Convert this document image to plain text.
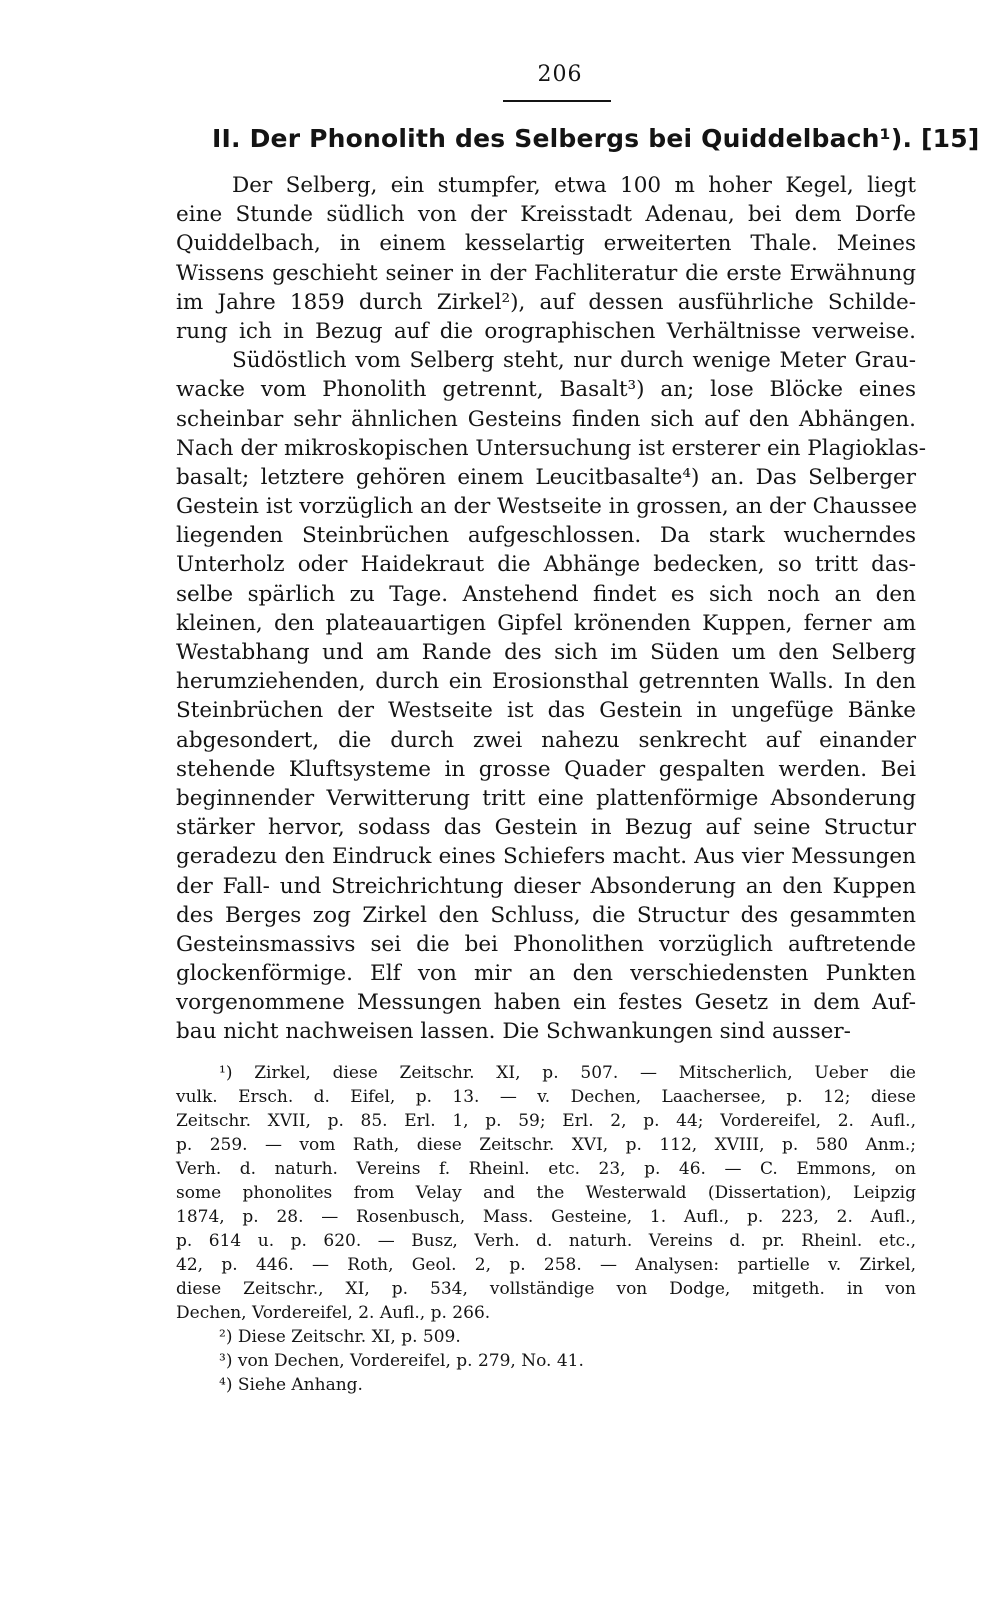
206
II. Der Phonolith des Selbergs bei Quiddelbach¹). [15]
Der Selberg, ein stumpfer, etwa 100 m hoher Kegel, liegt
eine Stunde südlich von der Kreisstadt Adenau, bei dem Dorfe
Quiddelbach, in einem kesselartig erweiterten Thale. Meines
Wissens geschieht seiner in der Fachliteratur die erste Erwähnung
im Jahre 1859 durch Zirkel²), auf dessen ausführliche Schilde-
rung ich in Bezug auf die orographischen Verhältnisse verweise.
Südöstlich vom Selberg steht, nur durch wenige Meter Grau-
wacke vom Phonolith getrennt, Basalt³) an; lose Blöcke eines
scheinbar sehr ähnlichen Gesteins finden sich auf den Abhängen.
Nach der mikroskopischen Untersuchung ist ersterer ein Plagioklas-
basalt; letztere gehören einem Leucitbasalte⁴) an. Das Selberger
Gestein ist vorzüglich an der Westseite in grossen, an der Chaussee
liegenden Steinbrüchen aufgeschlossen. Da stark wucherndes
Unterholz oder Haidekraut die Abhänge bedecken, so tritt das-
selbe spärlich zu Tage. Anstehend findet es sich noch an den
kleinen, den plateauartigen Gipfel krönenden Kuppen, ferner am
Westabhang und am Rande des sich im Süden um den Selberg
herumziehenden, durch ein Erosionsthal getrennten Walls. In den
Steinbrüchen der Westseite ist das Gestein in ungefüge Bänke
abgesondert, die durch zwei nahezu senkrecht auf einander
stehende Kluftsysteme in grosse Quader gespalten werden. Bei
beginnender Verwitterung tritt eine plattenförmige Absonderung
stärker hervor, sodass das Gestein in Bezug auf seine Structur
geradezu den Eindruck eines Schiefers macht. Aus vier Messungen
der Fall- und Streichrichtung dieser Absonderung an den Kuppen
des Berges zog Zirkel den Schluss, die Structur des gesammten
Gesteinsmassivs sei die bei Phonolithen vorzüglich auftretende
glockenförmige. Elf von mir an den verschiedensten Punkten
vorgenommene Messungen haben ein festes Gesetz in dem Auf-
bau nicht nachweisen lassen. Die Schwankungen sind ausser-
¹) Zirkel, diese Zeitschr. XI, p. 507. — Mitscherlich, Ueber die
vulk. Ersch. d. Eifel, p. 13. — v. Dechen, Laachersee, p. 12; diese
Zeitschr. XVII, p. 85. Erl. 1, p. 59; Erl. 2, p. 44; Vordereifel, 2. Aufl.,
p. 259. — vom Rath, diese Zeitschr. XVI, p. 112, XVIII, p. 580 Anm.;
Verh. d. naturh. Vereins f. Rheinl. etc. 23, p. 46. — C. Emmons, on
some phonolites from Velay and the Westerwald (Dissertation), Leipzig
1874, p. 28. — Rosenbusch, Mass. Gesteine, 1. Aufl., p. 223, 2. Aufl.,
p. 614 u. p. 620. — Busz, Verh. d. naturh. Vereins d. pr. Rheinl. etc.,
42, p. 446. — Roth, Geol. 2, p. 258. — Analysen: partielle v. Zirkel,
diese Zeitschr., XI, p. 534, vollständige von Dodge, mitgeth. in von
Dechen, Vordereifel, 2. Aufl., p. 266.
²) Diese Zeitschr. XI, p. 509.
³) von Dechen, Vordereifel, p. 279, No. 41.
⁴) Siehe Anhang.
